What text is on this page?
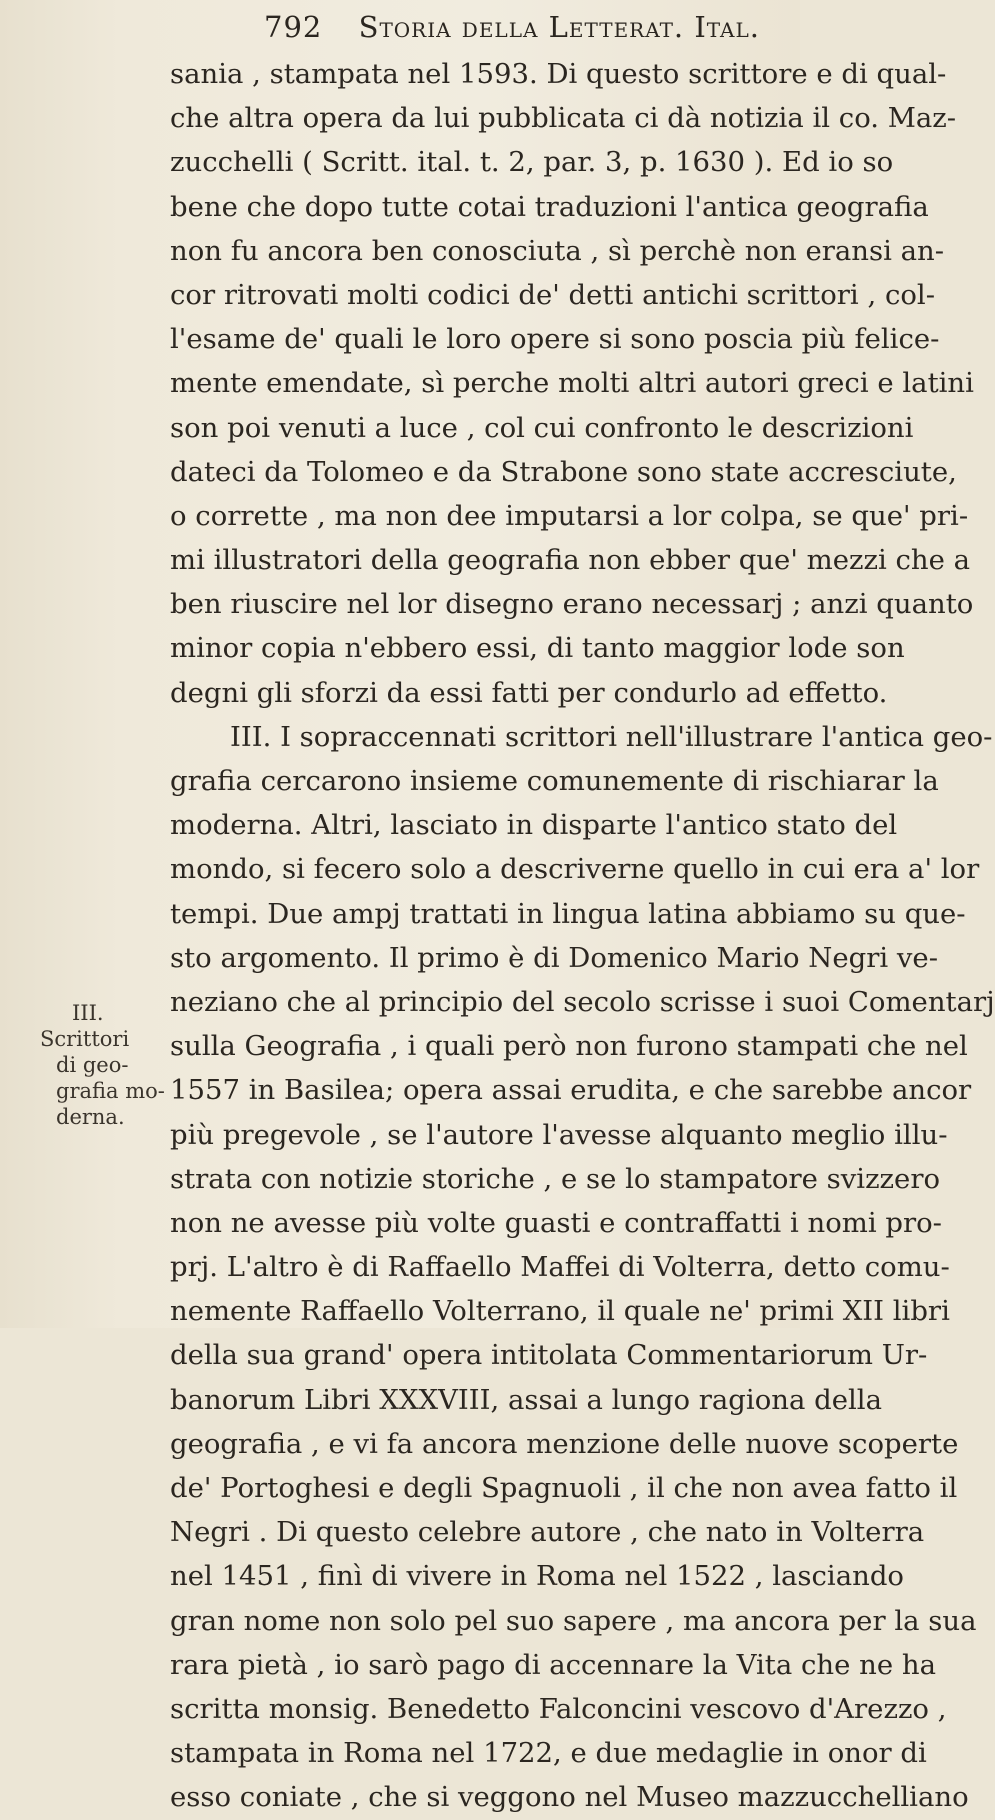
792 Storia della Letterat. Ital.
III.
Scrittori
di geo-
grafia mo-
derna.
sania , stampata nel 1593. Di questo scrittore e di qual-
che altra opera da lui pubblicata ci dà notizia il co. Maz-
zucchelli ( Scritt. ital. t. 2, par. 3, p. 1630 ). Ed io so
bene che dopo tutte cotai traduzioni l'antica geografia
non fu ancora ben conosciuta , sì perchè non eransi an-
cor ritrovati molti codici de' detti antichi scrittori , col-
l'esame de' quali le loro opere si sono poscia più felice-
mente emendate, sì perche molti altri autori greci e latini
son poi venuti a luce , col cui confronto le descrizioni
dateci da Tolomeo e da Strabone sono state accresciute,
o corrette , ma non dee imputarsi a lor colpa, se que' pri-
mi illustratori della geografia non ebber que' mezzi che a
ben riuscire nel lor disegno erano necessarj ; anzi quanto
minor copia n'ebbero essi, di tanto maggior lode son
degni gli sforzi da essi fatti per condurlo ad effetto.
III. I sopraccennati scrittori nell'illustrare l'antica geo-
grafia cercarono insieme comunemente di rischiarar la
moderna. Altri, lasciato in disparte l'antico stato del
mondo, si fecero solo a descriverne quello in cui era a' lor
tempi. Due ampj trattati in lingua latina abbiamo su que-
sto argomento. Il primo è di Domenico Mario Negri ve-
neziano che al principio del secolo scrisse i suoi Comentarj
sulla Geografia , i quali però non furono stampati che nel
1557 in Basilea; opera assai erudita, e che sarebbe ancor
più pregevole , se l'autore l'avesse alquanto meglio illu-
strata con notizie storiche , e se lo stampatore svizzero
non ne avesse più volte guasti e contraffatti i nomi pro-
prj. L'altro è di Raffaello Maffei di Volterra, detto comu-
nemente Raffaello Volterrano, il quale ne' primi XII libri
della sua grand' opera intitolata Commentariorum Ur-
banorum Libri XXXVIII, assai a lungo ragiona della
geografia , e vi fa ancora menzione delle nuove scoperte
de' Portoghesi e degli Spagnuoli , il che non avea fatto il
Negri . Di questo celebre autore , che nato in Volterra
nel 1451 , finì di vivere in Roma nel 1522 , lasciando
gran nome non solo pel suo sapere , ma ancora per la sua
rara pietà , io sarò pago di accennare la Vita che ne ha
scritta monsig. Benedetto Falconcini vescovo d'Arezzo ,
stampata in Roma nel 1722, e due medaglie in onor di
esso coniate , che si veggono nel Museo mazzucchelliano
